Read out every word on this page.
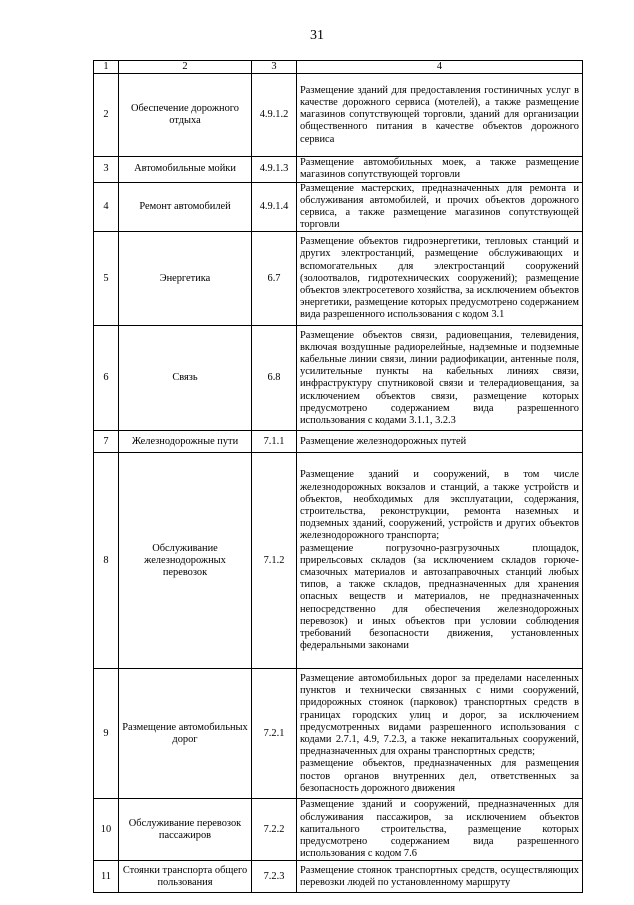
31
1	2	3	4
2	Обеспечение дорожного отдыха	4.9.1.2	Размещение зданий для предоставления гостиничных услуг в качестве дорожного сервиса (мотелей), а также размещение магазинов сопутствующей торговли, зданий для организации общественного питания в качестве объектов дорожного сервиса
3	Автомобильные мойки	4.9.1.3	Размещение автомобильных моек, а также размещение магазинов сопутствующей торговли
4	Ремонт автомобилей	4.9.1.4	Размещение мастерских, предназначенных для ремонта и обслуживания автомобилей, и прочих объектов дорожного сервиса, а также размещение магазинов сопутствующей торговли
5	Энергетика	6.7	Размещение объектов гидроэнергетики, тепловых станций и других электростанций, размещение обслуживающих и вспомогательных для электростанций сооружений (золоотвалов, гидротехнических сооружений); размещение объектов электросетевого хозяйства, за исключением объектов энергетики, размещение которых предусмотрено содержанием вида разрешенного использования с кодом 3.1
6	Связь	6.8	Размещение объектов связи, радиовещания, телевидения, включая воздушные радиорелейные, надземные и подземные кабельные линии связи, линии радиофикации, антенные поля, усилительные пункты на кабельных линиях связи, инфраструктуру спутниковой связи и телерадиовещания, за исключением объектов связи, размещение которых предусмотрено содержанием вида разрешенного использования с кодами 3.1.1, 3.2.3
7	Железнодорожные пути	7.1.1	Размещение железнодорожных путей
8	Обслуживание железнодорожных перевозок	7.1.2	Размещение зданий и сооружений, в том числе железнодорожных вокзалов и станций, а также устройств и объектов, необходимых для эксплуатации, содержания, строительства, реконструкции, ремонта наземных и подземных зданий, сооружений, устройств и других объектов железнодорожного транспорта;
размещение погрузочно-разгрузочных площадок, прирельсовых складов (за исключением складов горюче-смазочных материалов и автозаправочных станций любых типов, а также складов, предназначенных для хранения опасных веществ и материалов, не предназначенных непосредственно для обеспечения железнодорожных перевозок) и иных объектов при условии соблюдения требований безопасности движения, установленных федеральными законами
9	Размещение автомобильных дорог	7.2.1	Размещение автомобильных дорог за пределами населенных пунктов и технически связанных с ними сооружений, придорожных стоянок (парковок) транспортных средств в границах городских улиц и дорог, за исключением предусмотренных видами разрешенного использования с кодами 2.7.1, 4.9, 7.2.3, а также некапитальных сооружений, предназначенных для охраны транспортных средств;
размещение объектов, предназначенных для размещения постов органов внутренних дел, ответственных за безопасность дорожного движения
10	Обслуживание перевозок пассажиров	7.2.2	Размещение зданий и сооружений, предназначенных для обслуживания пассажиров, за исключением объектов капитального строительства, размещение которых предусмотрено содержанием вида разрешенного использования с кодом 7.6
11	Стоянки транспорта общего пользования	7.2.3	Размещение стоянок транспортных средств, осуществляющих перевозки людей по установленному маршруту
